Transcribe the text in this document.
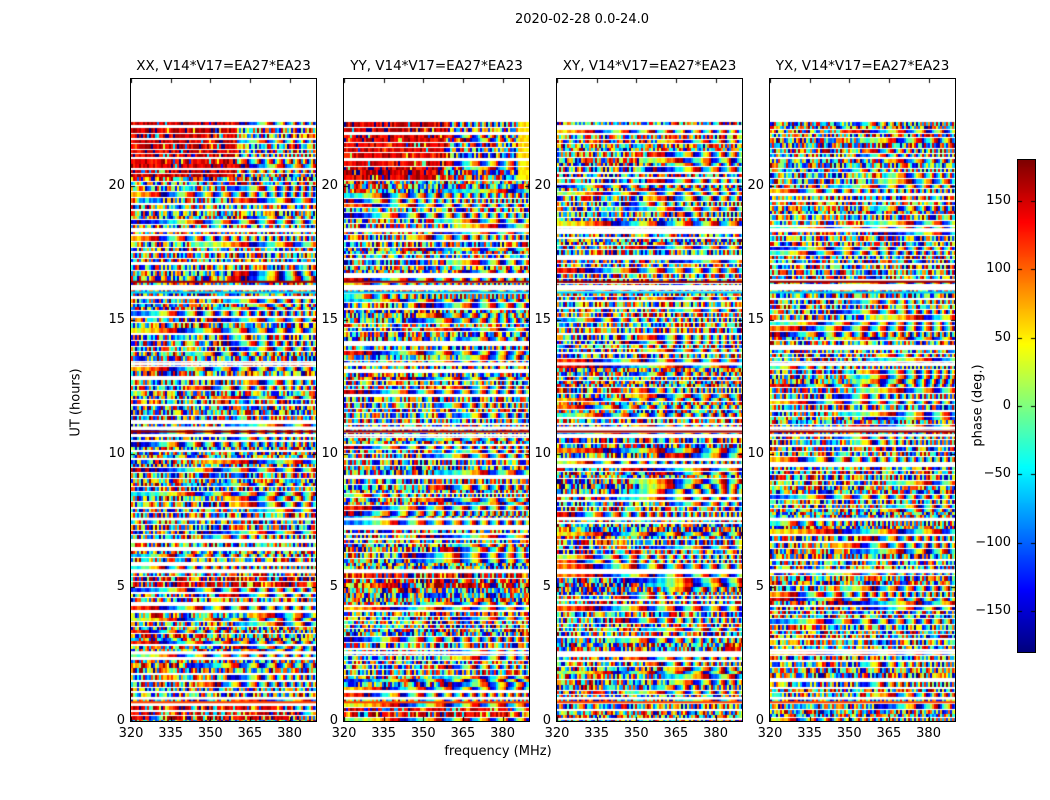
2020-02-28 0.0-24.0
UT (hours)
frequency (MHz)
phase (deg.)
XX, V14*V17=EA27*EA23
320 335 350 365 380
0
5
10
15
20
YY, V14*V17=EA27*EA23
320 335 350 365 380
0
5
10
15
20
XY, V14*V17=EA27*EA23
320 335 350 365 380
0
5
10
15
20
YX, V14*V17=EA27*EA23
320 335 350 365 380
0
5
10
15
20
150
100
50
0
−50
−100
−150
